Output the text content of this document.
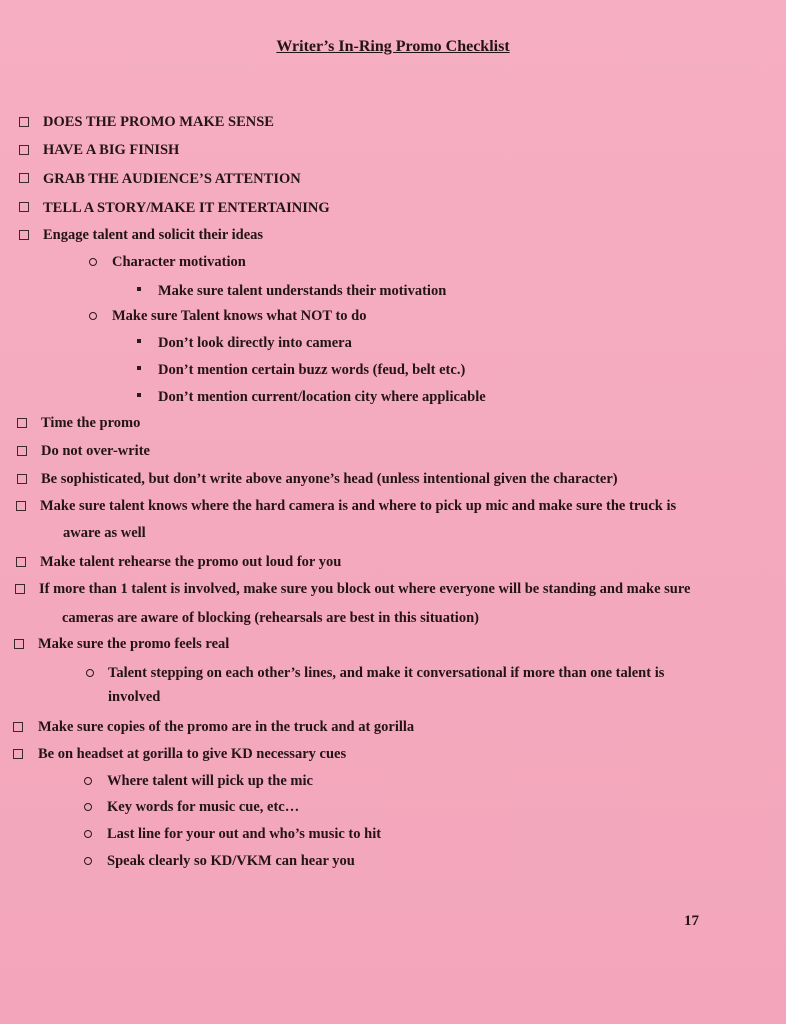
Writer’s In-Ring Promo Checklist
DOES THE PROMO MAKE SENSE
HAVE A BIG FINISH
GRAB THE AUDIENCE’S ATTENTION
TELL A STORY/MAKE IT ENTERTAINING
Engage talent and solicit their ideas
Character motivation
Make sure talent understands their motivation
Make sure Talent knows what NOT to do
Don’t look directly into camera
Don’t mention certain buzz words (feud, belt etc.)
Don’t mention current/location city where applicable
Time the promo
Do not over-write
Be sophisticated, but don’t write above anyone’s head (unless intentional given the character)
Make sure talent knows where the hard camera is and where to pick up mic and make sure the truck is
aware as well
Make talent rehearse the promo out loud for you
If more than 1 talent is involved, make sure you block out where everyone will be standing and make sure
cameras are aware of blocking (rehearsals are best in this situation)
Make sure the promo feels real
Talent stepping on each other’s lines, and make it conversational if more than one talent is
involved
Make sure copies of the promo are in the truck and at gorilla
Be on headset at gorilla to give KD necessary cues
Where talent will pick up the mic
Key words for music cue, etc…
Last line for your out and who’s music to hit
Speak clearly so KD/VKM can hear you
17
